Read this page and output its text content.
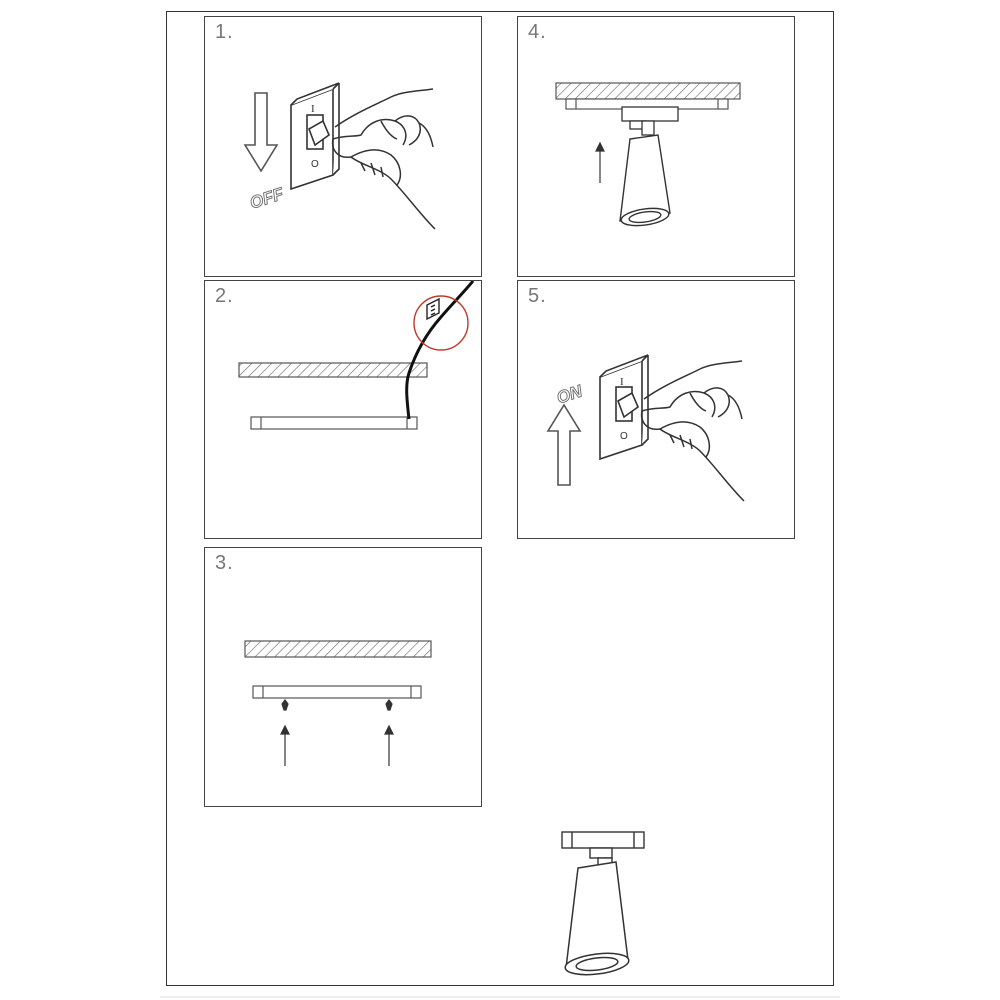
1.
OFF
I
O
2.
3.
4.
5.
ON	I
O
